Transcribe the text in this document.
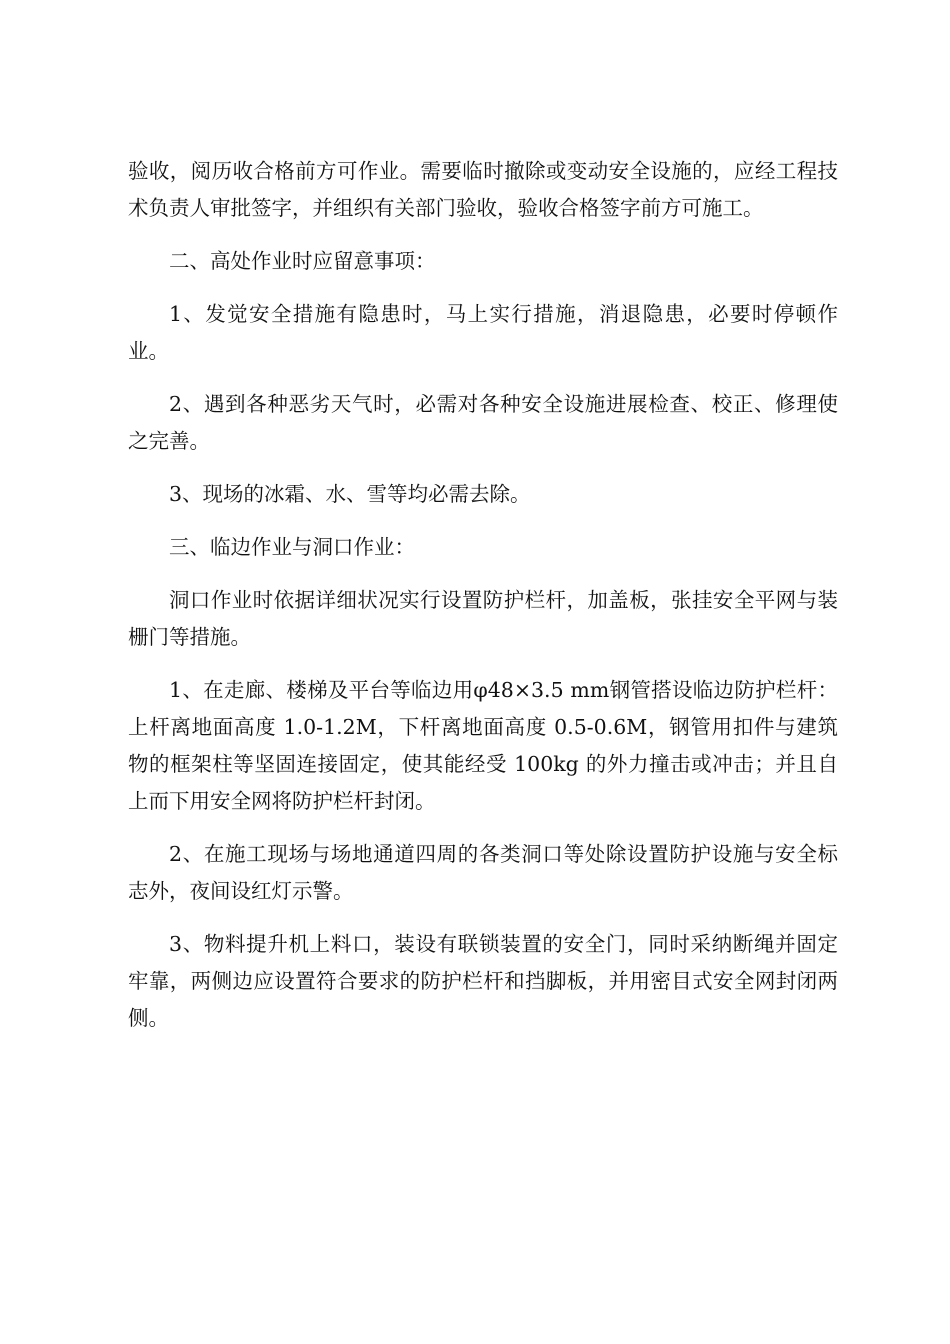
验收，阅历收合格前方可作业。需要临时撤除或变动安全设施的，应经工程技术负责人审批签字，并组织有关部门验收，验收合格签字前方可施工。

二、高处作业时应留意事项：

1、发觉安全措施有隐患时，马上实行措施，消退隐患，必要时停顿作业。

2、遇到各种恶劣天气时，必需对各种安全设施进展检查、校正、修理使之完善。

3、现场的冰霜、水、雪等均必需去除。

三、临边作业与洞口作业：

洞口作业时依据详细状况实行设置防护栏杆，加盖板，张挂安全平网与装栅门等措施。

1、在走廊、楼梯及平台等临边用φ48×3.5 mm钢管搭设临边防护栏杆：上杆离地面高度 1.0-1.2M，下杆离地面高度 0.5-0.6M，钢管用扣件与建筑物的框架柱等坚固连接固定，使其能经受 100kg 的外力撞击或冲击；并且自上而下用安全网将防护栏杆封闭。

2、在施工现场与场地通道四周的各类洞口等处除设置防护设施与安全标志外，夜间设红灯示警。

3、物料提升机上料口，装设有联锁装置的安全门，同时采纳断绳并固定牢靠，两侧边应设置符合要求的防护栏杆和挡脚板，并用密目式安全网封闭两侧。
